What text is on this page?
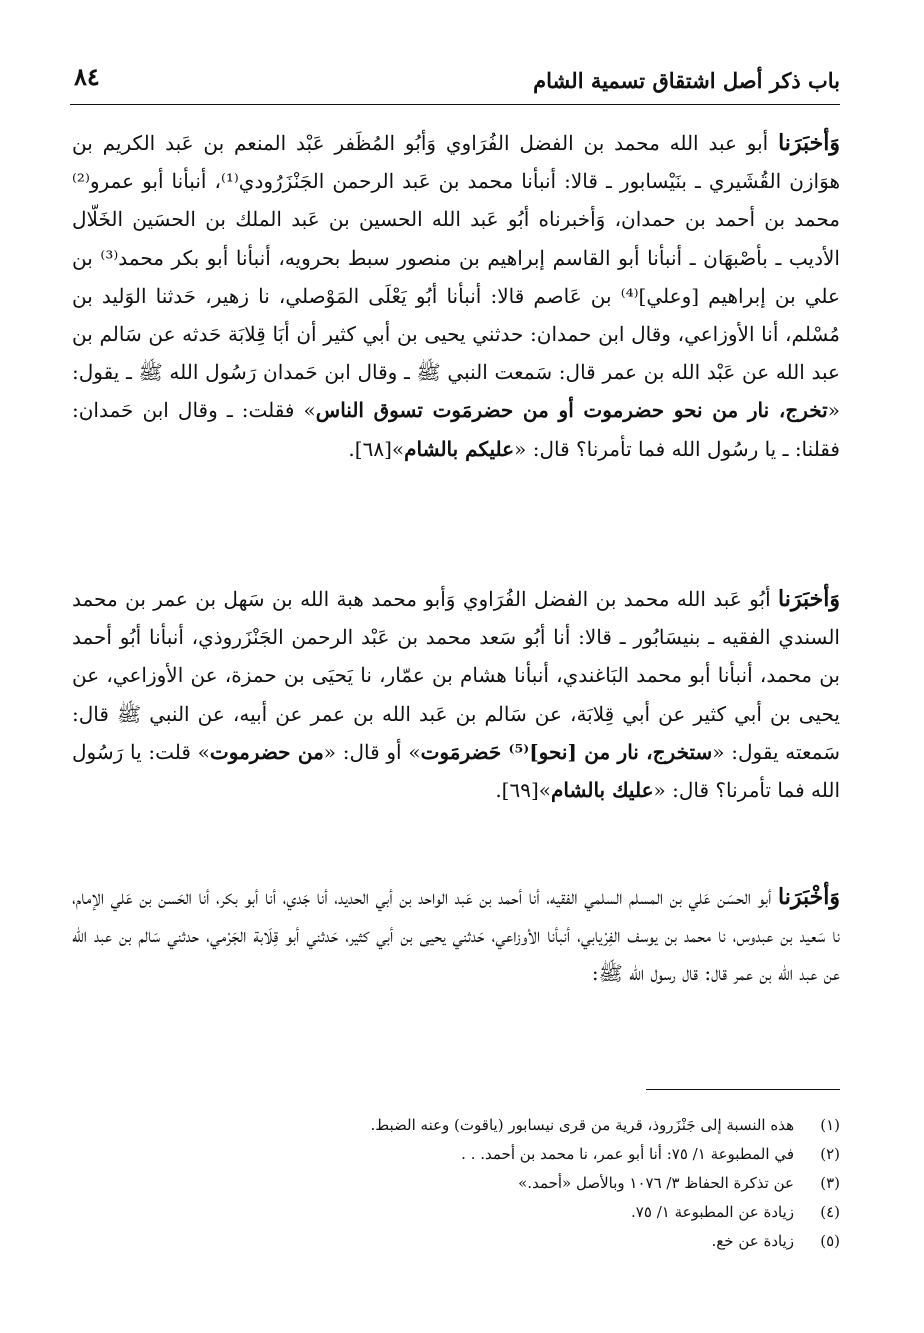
باب ذكر أصل اشتقاق تسمية الشام
٨٤
وَأخبَرَنا أبو عبد الله محمد بن الفضل الفُرَاوي وَأبُو المُظَفر عَبْد المنعم بن عَبد الكريم بن هوَازن القُشَيري ـ بنَيْسابور ـ قالا: أنبأنا محمد بن عَبد الرحمن الجَنْزَرُودي⁽¹⁾، أنبأنا أبو عمرو⁽²⁾ محمد بن أحمد بن حمدان، وَأخبرناه أبُو عَبد الله الحسين بن عَبد الملك بن الحسَين الخَلّال الأديب ـ بأصْبهَان ـ أنبأنا أبو القاسم إبراهيم بن منصور سبط بحرويه، أنبأنا أبو بكر محمد⁽³⁾ بن علي بن إبراهيم [وعلي]⁽⁴⁾ بن عَاصم قالا: أنبأنا أبُو يَعْلَى المَوْصلي، نا زهير، حَدثنا الوَليد بن مُسْلم، أنا الأوزاعي، وقال ابن حمدان: حدثني يحيى بن أبي كثير أن أبَا قِلابَة حَدثه عن سَالم بن عبد الله عن عَبْد الله بن عمر قال: سَمعت النبي ﷺ ـ وقال ابن حَمدان رَسُول الله ﷺ ـ يقول: «تخرج، نار من نحو حضرموت أو من حضرمَوت تسوق الناس» فقلت: ـ وقال ابن حَمدان: فقلنا: ـ يا رسُول الله فما تأمرنا؟ قال: «عليكم بالشام»[٦٨].
وَأخبَرَنا أبُو عَبد الله محمد بن الفضل الفُرَاوي وَأبو محمد هبة الله بن سَهل بن عمر بن محمد السندي الفقيه ـ بنيسَابُور ـ قالا: أنا أبُو سَعد محمد بن عَبْد الرحمن الجَنْزَروذي، أنبأنا أبُو أحمد بن محمد، أنبأنا أبو محمد البَاغندي، أنبأنا هشام بن عمّار، نا يَحيَى بن حمزة، عن الأوزاعي، عن يحيى بن أبي كثير عن أبي قِلابَة، عن سَالم بن عَبد الله بن عمر عن أبيه، عن النبي ﷺ قال: سَمعته يقول: «ستخرج، نار من [نحو]⁽⁵⁾ حَضرمَوت» أو قال: «من حضرموت» قلت: يا رَسُول الله فما تأمرنا؟ قال: «عليك بالشام»[٦٩].
وَأخْبَرَنا أبو الحسَن عَلي بن المسلم السلمي الفقيه، أنا أحمد بن عَبد الواحد بن أبي الحديد، أنا جَدي، أنا أبو بكر، أنا الحَسن بن عَلي الإمام، نا سَعيد بن عبدوس، نا محمد بن يوسف الفِرْيابي، أنبأنا الأوزاعي، حَدثني يحيى بن أبي كثير، حَدثني أبو قِلَابة الجَرْمي، حدثني سَالم بن عبد الله عن عبد الله بن عمر قال: قال رسول الله ﷺ:
(١)
هذه النسبة إلى جَنْزَروذ، قرية من قرى نيسابور (ياقوت) وعنه الضبط.
(٢)
في المطبوعة ١/ ٧٥: أنا أبو عمر، نا محمد بن أحمد. . .
(٣)
عن تذكرة الحفاظ ٣/ ١٠٧٦ وبالأصل «أحمد.»
(٤)
زيادة عن المطبوعة ١/ ٧٥.
(٥)
زيادة عن خع.
